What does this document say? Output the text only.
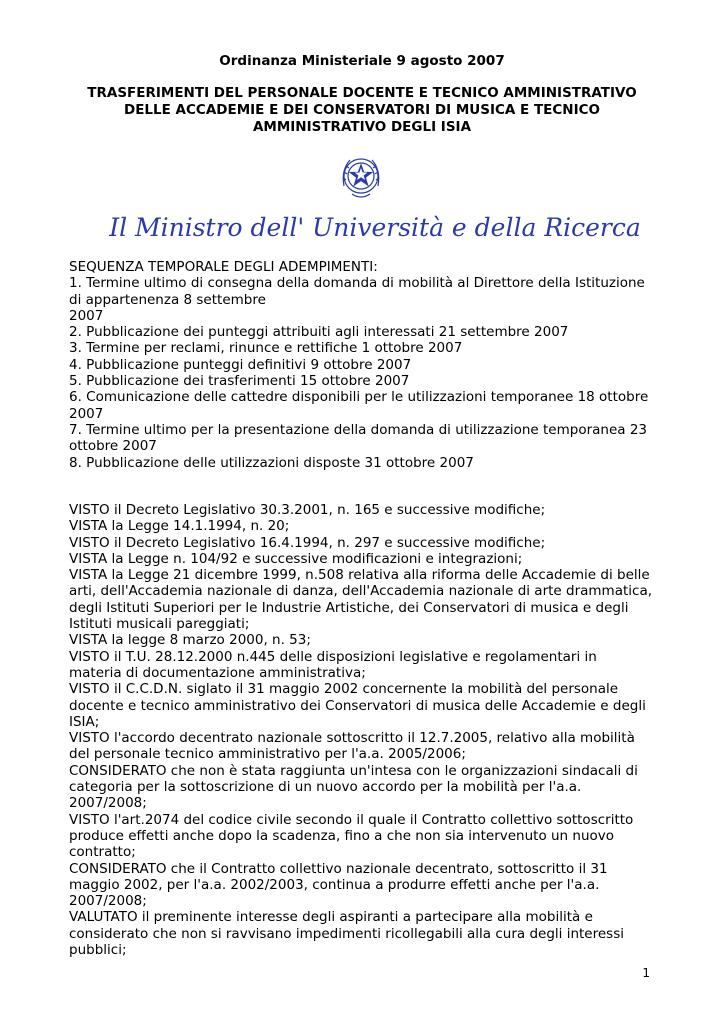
Ordinanza Ministeriale 9 agosto 2007
TRASFERIMENTI DEL PERSONALE DOCENTE E TECNICO AMMINISTRATIVO
DELLE ACCADEMIE E DEI CONSERVATORI DI MUSICA E TECNICO
AMMINISTRATIVO DEGLI ISIA
Il Ministro dell' Università e della Ricerca
SEQUENZA TEMPORALE DEGLI ADEMPIMENTI:
1. Termine ultimo di consegna della domanda di mobilità al Direttore della Istituzione
di appartenenza 8 settembre
2007
2. Pubblicazione dei punteggi attribuiti agli interessati 21 settembre 2007
3. Termine per reclami, rinunce e rettifiche 1 ottobre 2007
4. Pubblicazione punteggi definitivi 9 ottobre 2007
5. Pubblicazione dei trasferimenti 15 ottobre 2007
6. Comunicazione delle cattedre disponibili per le utilizzazioni temporanee 18 ottobre
2007
7. Termine ultimo per la presentazione della domanda di utilizzazione temporanea 23
ottobre 2007
8. Pubblicazione delle utilizzazioni disposte 31 ottobre 2007
VISTO il Decreto Legislativo 30.3.2001, n. 165 e successive modifiche;
VISTA la Legge 14.1.1994, n. 20;
VISTO il Decreto Legislativo 16.4.1994, n. 297 e successive modifiche;
VISTA la Legge n. 104/92 e successive modificazioni e integrazioni;
VISTA la Legge 21 dicembre 1999, n.508 relativa alla riforma delle Accademie di belle
arti, dell'Accademia nazionale di danza, dell'Accademia nazionale di arte drammatica,
degli Istituti Superiori per le Industrie Artistiche, dei Conservatori di musica e degli
Istituti musicali pareggiati;
VISTA la legge 8 marzo 2000, n. 53;
VISTO il T.U. 28.12.2000 n.445 delle disposizioni legislative e regolamentari in
materia di documentazione amministrativa;
VISTO il C.C.D.N. siglato il 31 maggio 2002 concernente la mobilità del personale
docente e tecnico amministrativo dei Conservatori di musica delle Accademie e degli
ISIA;
VISTO l'accordo decentrato nazionale sottoscritto il 12.7.2005, relativo alla mobilità
del personale tecnico amministrativo per l'a.a. 2005/2006;
CONSIDERATO che non è stata raggiunta un'intesa con le organizzazioni sindacali di
categoria per la sottoscrizione di un nuovo accordo per la mobilità per l'a.a.
2007/2008;
VISTO l'art.2074 del codice civile secondo il quale il Contratto collettivo sottoscritto
produce effetti anche dopo la scadenza, fino a che non sia intervenuto un nuovo
contratto;
CONSIDERATO che il Contratto collettivo nazionale decentrato, sottoscritto il 31
maggio 2002, per l'a.a. 2002/2003, continua a produrre effetti anche per l'a.a.
2007/2008;
VALUTATO il preminente interesse degli aspiranti a partecipare alla mobilità e
considerato che non si ravvisano impedimenti ricollegabili alla cura degli interessi
pubblici;
1
